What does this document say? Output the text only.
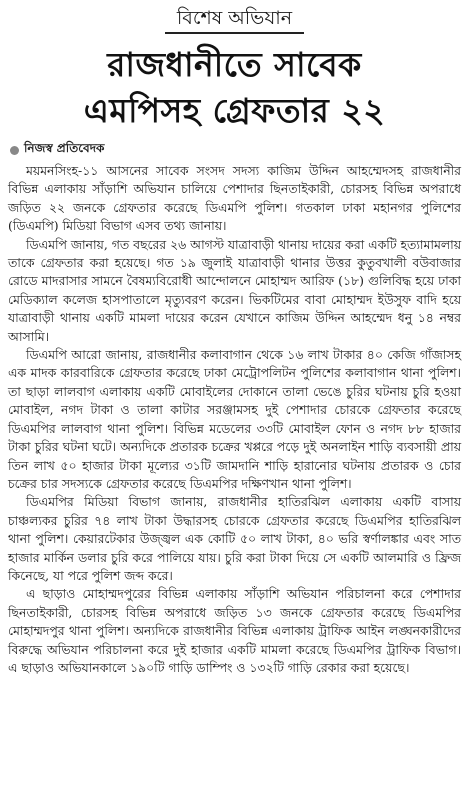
বিশেষ অভিযান
রাজধানীতে সাবেক
এমপিসহ গ্রেফতার ২২
নিজস্ব প্রতিবেদক

ময়মনসিংহ-১১ আসনের সাবেক সংসদ সদস্য কাজিম উদ্দিন আহম্মেদসহ রাজধানীর বিভিন্ন এলাকায় সাঁড়াশি অভিযান চালিয়ে পেশাদার ছিনতাইকারী, চোরসহ বিভিন্ন অপরাধে জড়িত ২২ জনকে গ্রেফতার করেছে ডিএমপি পুলিশ। গতকাল ঢাকা মহানগর পুলিশের (ডিএমপি) মিডিয়া বিভাগ এসব তথ্য জানায়।

ডিএমপি জানায়, গত বছরের ২৬ আগস্ট যাত্রাবাড়ী থানায় দায়ের করা একটি হত্যামামলায় তাকে গ্রেফতার করা হয়েছে। গত ১৯ জুলাই যাত্রাবাড়ী থানার উত্তর কুতুবখালী বউবাজার রোডে মাদরাসার সামনে বৈষম্যবিরোধী আন্দোলনে মোহাম্মদ আরিফ (১৮) গুলিবিদ্ধ হয়ে ঢাকা মেডিক্যাল কলেজ হাসপাতালে মৃত্যুবরণ করেন। ভিকটিমের বাবা মোহাম্মদ ইউসুফ বাদি হয়ে যাত্রাবাড়ী থানায় একটি মামলা দায়ের করেন যেখানে কাজিম উদ্দিন আহম্মেদ ধনু ১৪ নম্বর আসামি।

ডিএমপি আরো জানায়, রাজধানীর কলাবাগান থেকে ১৬ লাখ টাকার ৪০ কেজি গাঁজাসহ এক মাদক কারবারিকে গ্রেফতার করেছে ঢাকা মেট্রোপলিটন পুলিশের কলাবাগান থানা পুলিশ। তা ছাড়া লালবাগ এলাকায় একটি মোবাইলের দোকানে তালা ভেঙে চুরির ঘটনায় চুরি হওয়া মোবাইল, নগদ টাকা ও তালা কাটার সরঞ্জামসহ দুই পেশাদার চোরকে গ্রেফতার করেছে ডিএমপির লালবাগ থানা পুলিশ। বিভিন্ন মডেলের ৩৩টি মোবাইল ফোন ও নগদ ৮৮ হাজার টাকা চুরির ঘটনা ঘটে। অন্যদিকে প্রতারক চক্রের খপ্পরে পড়ে দুই অনলাইন শাড়ি ব্যবসায়ী প্রায় তিন লাখ ৫০ হাজার টাকা মূল্যের ৩১টি জামদানি শাড়ি হারানোর ঘটনায় প্রতারক ও চোর চক্রের চার সদস্যকে গ্রেফতার করেছে ডিএমপির দক্ষিণখান থানা পুলিশ।

ডিএমপির মিডিয়া বিভাগ জানায়, রাজধানীর হাতিরঝিল এলাকায় একটি বাসায় চাঞ্চল্যকর চুরির ৭৪ লাখ টাকা উদ্ধারসহ চোরকে গ্রেফতার করেছে ডিএমপির হাতিরঝিল থানা পুলিশ। কেয়ারটেকার উজ্জ্বল এক কোটি ৫০ লাখ টাকা, ৪০ ভরি স্বর্ণালঙ্কার এবং সাত হাজার মার্কিন ডলার চুরি করে পালিয়ে যায়। চুরি করা টাকা দিয়ে সে একটি আলমারি ও ফ্রিজ কিনেছে, যা পরে পুলিশ জব্দ করে।

এ ছাড়াও মোহাম্মদপুরের বিভিন্ন এলাকায় সাঁড়াশি অভিযান পরিচালনা করে পেশাদার ছিনতাইকারী, চোরসহ বিভিন্ন অপরাধে জড়িত ১৩ জনকে গ্রেফতার করেছে ডিএমপির মোহাম্মদপুর থানা পুলিশ। অন্যদিকে রাজধানীর বিভিন্ন এলাকায় ট্রাফিক আইন লঙ্ঘনকারীদের বিরুদ্ধে অভিযান পরিচালনা করে দুই হাজার একটি মামলা করেছে ডিএমপির ট্রাফিক বিভাগ। এ ছাড়াও অভিযানকালে ১৯০টি গাড়ি ডাম্পিং ও ১৩২টি গাড়ি রেকার করা হয়েছে।
